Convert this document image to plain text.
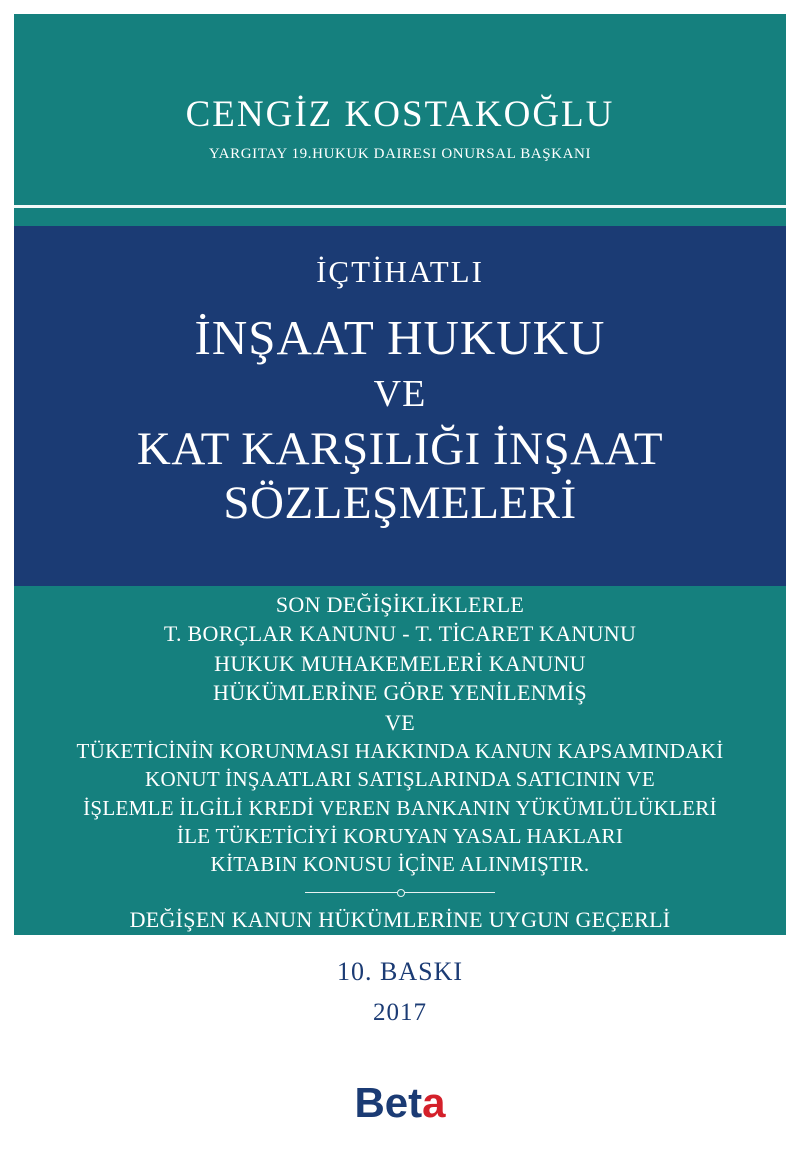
CENGİZ KOSTAKOĞLU
YARGITAY 19.HUKUK DAIRESI ONURSAL BAŞKANI
İÇTİHATLI
İNŞAAT HUKUKU
VE
KAT KARŞILIĞI İNŞAAT
SÖZLEŞMELERİ
SON DEĞİŞİKLİKLERLE
T. BORÇLAR KANUNU - T. TİCARET KANUNU
HUKUK MUHAKEMELERİ KANUNU
HÜKÜMLERİNE GÖRE YENİLENMİŞ
VE
TÜKETİCİNİN KORUNMASI HAKKINDA KANUN KAPSAMINDAKİ
KONUT İNŞAATLARI SATIŞLARINDA SATICININ VE
İŞLEMLE İLGİLİ KREDİ VEREN BANKANIN YÜKÜMLÜLÜKLERİ
İLE TÜKETİCİYİ KORUYAN YASAL HAKLARI
KİTABIN KONUSU İÇİNE ALINMIŞTIR.
DEĞİŞEN KANUN HÜKÜMLERİNE UYGUN GEÇERLİ
10. BASKI
2017
Beta
